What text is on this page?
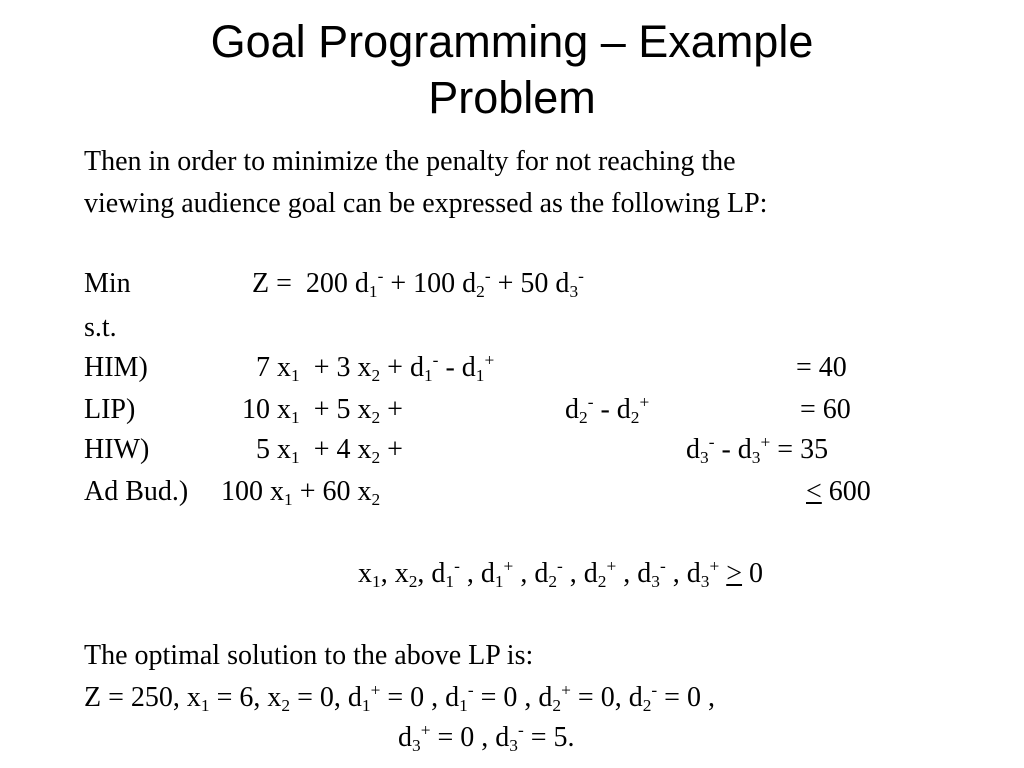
Goal Programming – Example
Problem
Then in order to minimize the penalty for not reaching the
viewing audience goal can be expressed as the following LP:
Min	Z =  200 $d_1^- + 100$ $d_2^- + 50$ $d_3^-$
s.t.
HIM)	7 $x_1 + 3$ $x_2 + d_1^- - d_1^+$	= 40
LIP)	10 $x_1 + 5$ $x_2$ +	$d_2^- - d_2^+$	= 60
HIW)	5 $x_1 + 4$ $x_2$ +	$d_3^- - d_3^+ = 35$
Ad Bud.) 100 $x_1 + 60$ $x_2$	< 600
$x_1$, $x_2$, $d_1^-$ , $d_1^+$ , $d_2^-$ , $d_2^+$ , $d_3^-$ , $d_3^+ > 0$
The optimal solution to the above LP is:
Z = 250, $x_1 = 6$, $x_2 = 0$, $d_1^+ = 0$ , $d_1^- = 0$ , $d_2^+ = 0$, $d_2^- = 0$ ,
$d_3^+ = 0$ , $d_3^- = 5$.
